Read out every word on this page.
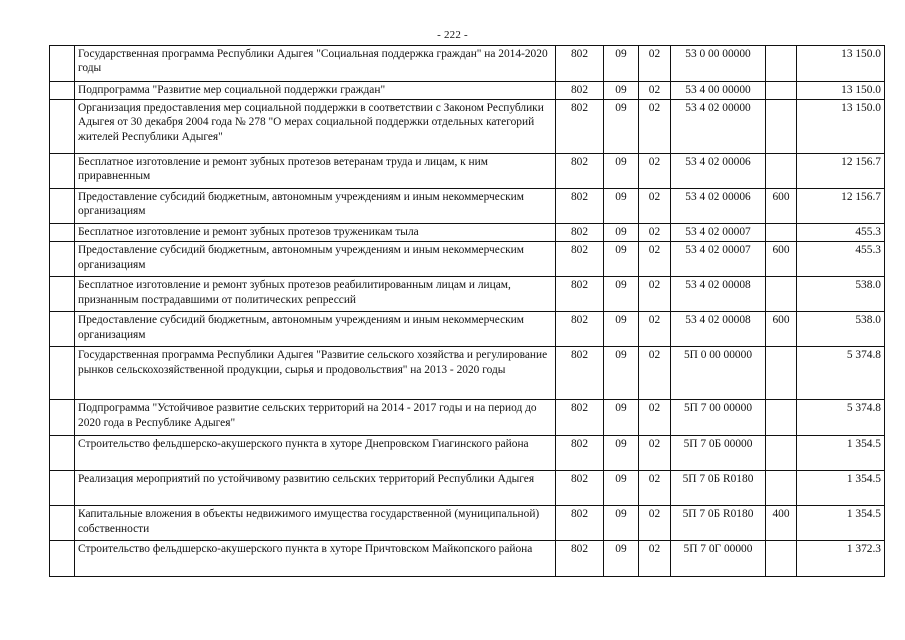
- 222 -
	Государственная программа Республики Адыгея "Социальная поддержка граждан" на 2014-2020 годы	802	09	02	53 0 00 00000		13 150.0
	Подпрограмма "Развитие мер социальной поддержки граждан"	802	09	02	53 4 00 00000		13 150.0
	Организация предоставления мер социальной поддержки в соответствии с Законом Республики Адыгея от 30 декабря 2004 года № 278 "О мерах социальной поддержки отдельных категорий жителей Республики Адыгея"	802	09	02	53 4 02 00000		13 150.0
	Бесплатное изготовление и ремонт зубных протезов ветеранам труда и лицам, к ним приравненным	802	09	02	53 4 02 00006		12 156.7
	Предоставление субсидий бюджетным, автономным учреждениям и иным некоммерческим организациям	802	09	02	53 4 02 00006	600	12 156.7
	Бесплатное изготовление и ремонт зубных протезов труженикам тыла	802	09	02	53 4 02 00007		455.3
	Предоставление субсидий бюджетным, автономным учреждениям и иным некоммерческим организациям	802	09	02	53 4 02 00007	600	455.3
	Бесплатное изготовление и ремонт зубных протезов реабилитированным лицам и лицам, признанным пострадавшими от политических репрессий	802	09	02	53 4 02 00008		538.0
	Предоставление субсидий бюджетным, автономным учреждениям и иным некоммерческим организациям	802	09	02	53 4 02 00008	600	538.0
	Государственная программа Республики Адыгея "Развитие сельского хозяйства и регулирование рынков сельскохозяйственной продукции, сырья и продовольствия" на 2013 - 2020 годы	802	09	02	5П 0 00 00000		5 374.8
	Подпрограмма "Устойчивое развитие сельских территорий на 2014 - 2017 годы и на период до 2020 года в Республике Адыгея"	802	09	02	5П 7 00 00000		5 374.8
	Строительство фельдшерско-акушерского пункта в хуторе Днепровском Гиагинского района	802	09	02	5П 7 0Б 00000		1 354.5
	Реализация мероприятий по устойчивому развитию сельских территорий Республики Адыгея	802	09	02	5П 7 0Б R0180		1 354.5
	Капитальные вложения в объекты недвижимого имущества государственной (муниципальной) собственности	802	09	02	5П 7 0Б R0180	400	1 354.5
	Строительство фельдшерско-акушерского пункта в хуторе Причтовском Майкопского района	802	09	02	5П 7 0Г 00000		1 372.3
